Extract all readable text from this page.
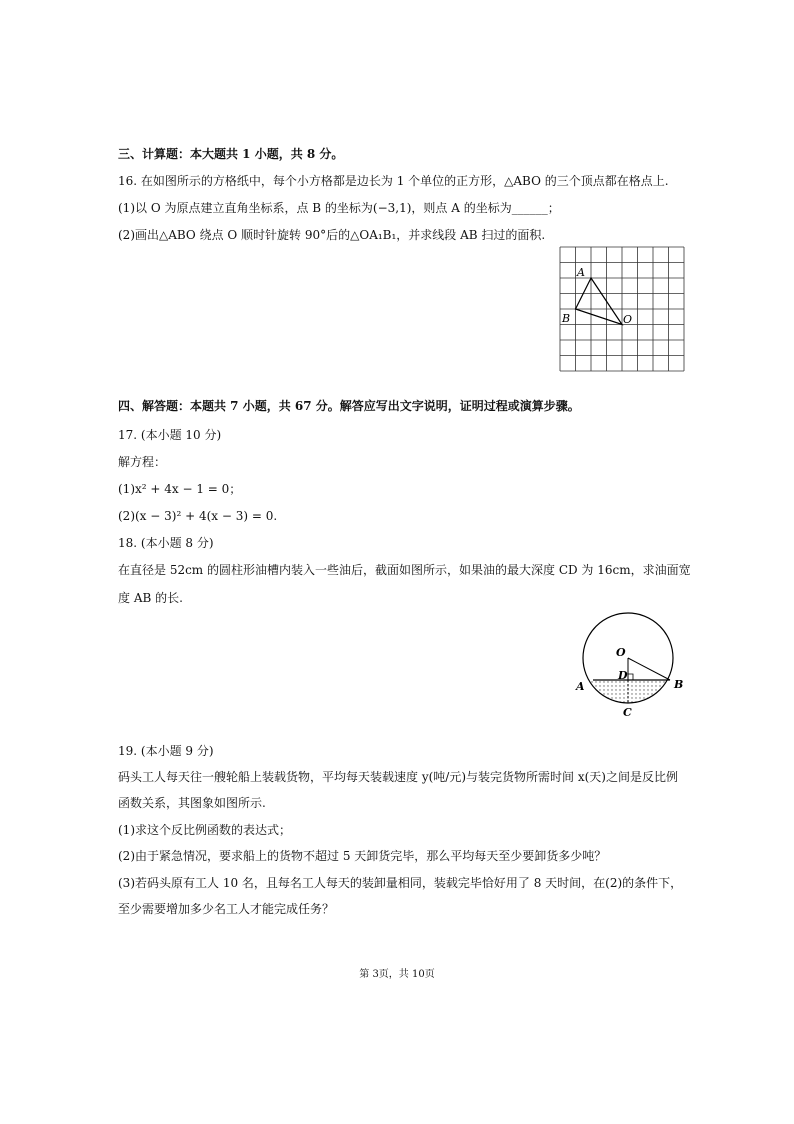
三、计算题：本大题共 1 小题，共 8 分。
16. 在如图所示的方格纸中，每个小方格都是边长为 1 个单位的正方形，△ABO 的三个顶点都在格点上.
(1)以 O 为原点建立直角坐标系，点 B 的坐标为(−3,1)，则点 A 的坐标为______；
(2)画出△ABO 绕点 O 顺时针旋转 90°后的△OA₁B₁，并求线段 AB 扫过的面积.
A
B	O
四、解答题：本题共 7 小题，共 67 分。解答应写出文字说明，证明过程或演算步骤。
17. (本小题 10 分)
解方程：
(1)x² + 4x − 1 = 0；
(2)(x − 3)² + 4(x − 3) = 0.
18. (本小题 8 分)
在直径是 52cm 的圆柱形油槽内装入一些油后，截面如图所示，如果油的最大深度 CD 为 16cm，求油面宽
度 AB 的长.
O
D
A	B
C
19. (本小题 9 分)
码头工人每天往一艘轮船上装载货物，平均每天装载速度 y(吨/元)与装完货物所需时间 x(天)之间是反比例
函数关系，其图象如图所示.
(1)求这个反比例函数的表达式；
(2)由于紧急情况，要求船上的货物不超过 5 天卸货完毕，那么平均每天至少要卸货多少吨？
(3)若码头原有工人 10 名，且每名工人每天的装卸量相同，装载完毕恰好用了 8 天时间，在(2)的条件下，
至少需要增加多少名工人才能完成任务？
第 3页，共 10页
